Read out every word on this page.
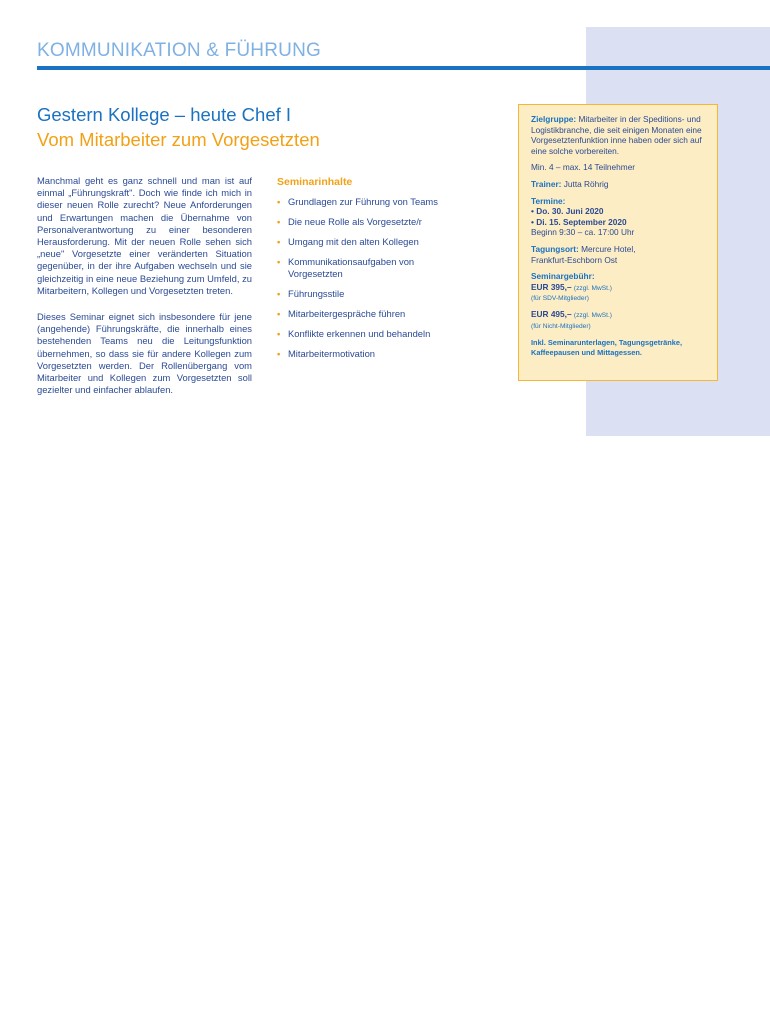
KOMMUNIKATION & FÜHRUNG
Gestern Kollege – heute Chef I
Vom Mitarbeiter zum Vorgesetzten

Manchmal geht es ganz schnell und man ist auf einmal „Führungskraft". Doch wie finde ich mich in dieser neuen Rolle zurecht? Neue Anforderungen und Erwartungen machen die Übernahme von Personalverantwortung zu einer besonderen Herausforderung. Mit der neuen Rolle sehen sich „neue" Vorgesetzte einer veränderten Situation gegenüber, in der ihre Aufgaben wechseln und sie gleichzeitig in eine neue Beziehung zum Umfeld, zu Mitarbeitern, Kollegen und Vorgesetzten treten.

Dieses Seminar eignet sich insbesondere für jene (angehende) Führungskräfte, die innerhalb eines bestehenden Teams neu die Leitungsfunktion übernehmen, so dass sie für andere Kollegen zum Vorgesetzten werden. Der Rollenübergang vom Mitarbeiter und Kollegen zum Vorgesetzten soll gezielter und einfacher ablaufen.

Seminarinhalte
• Grundlagen zur Führung von Teams
• Die neue Rolle als Vorgesetzte/r
• Umgang mit den alten Kollegen
• Kommunikationsaufgaben von Vorgesetzten
• Führungsstile
• Mitarbeitergespräche führen
• Konflikte erkennen und behandeln
• Mitarbeitermotivation
Zielgruppe: Mitarbeiter in der Speditions- und Logistikbranche, die seit einigen Monaten eine Vorgesetztenfunktion inne haben oder sich auf eine solche vorbereiten.
Min. 4 – max. 14 Teilnehmer
Trainer: Jutta Röhrig
Termine:
• Do. 30. Juni 2020
• Di. 15. September 2020
Beginn 9:30 – ca. 17:00 Uhr
Tagungsort: Mercure Hotel,
Frankfurt-Eschborn Ost
Seminargebühr:
EUR 395,– (zzgl. MwSt.)
(für SDV-Mitglieder)
EUR 495,– (zzgl. MwSt.)
(für Nicht-Mitglieder)
Inkl. Seminarunterlagen, Tagungsgetränke, Kaffeepausen und Mittagessen.
